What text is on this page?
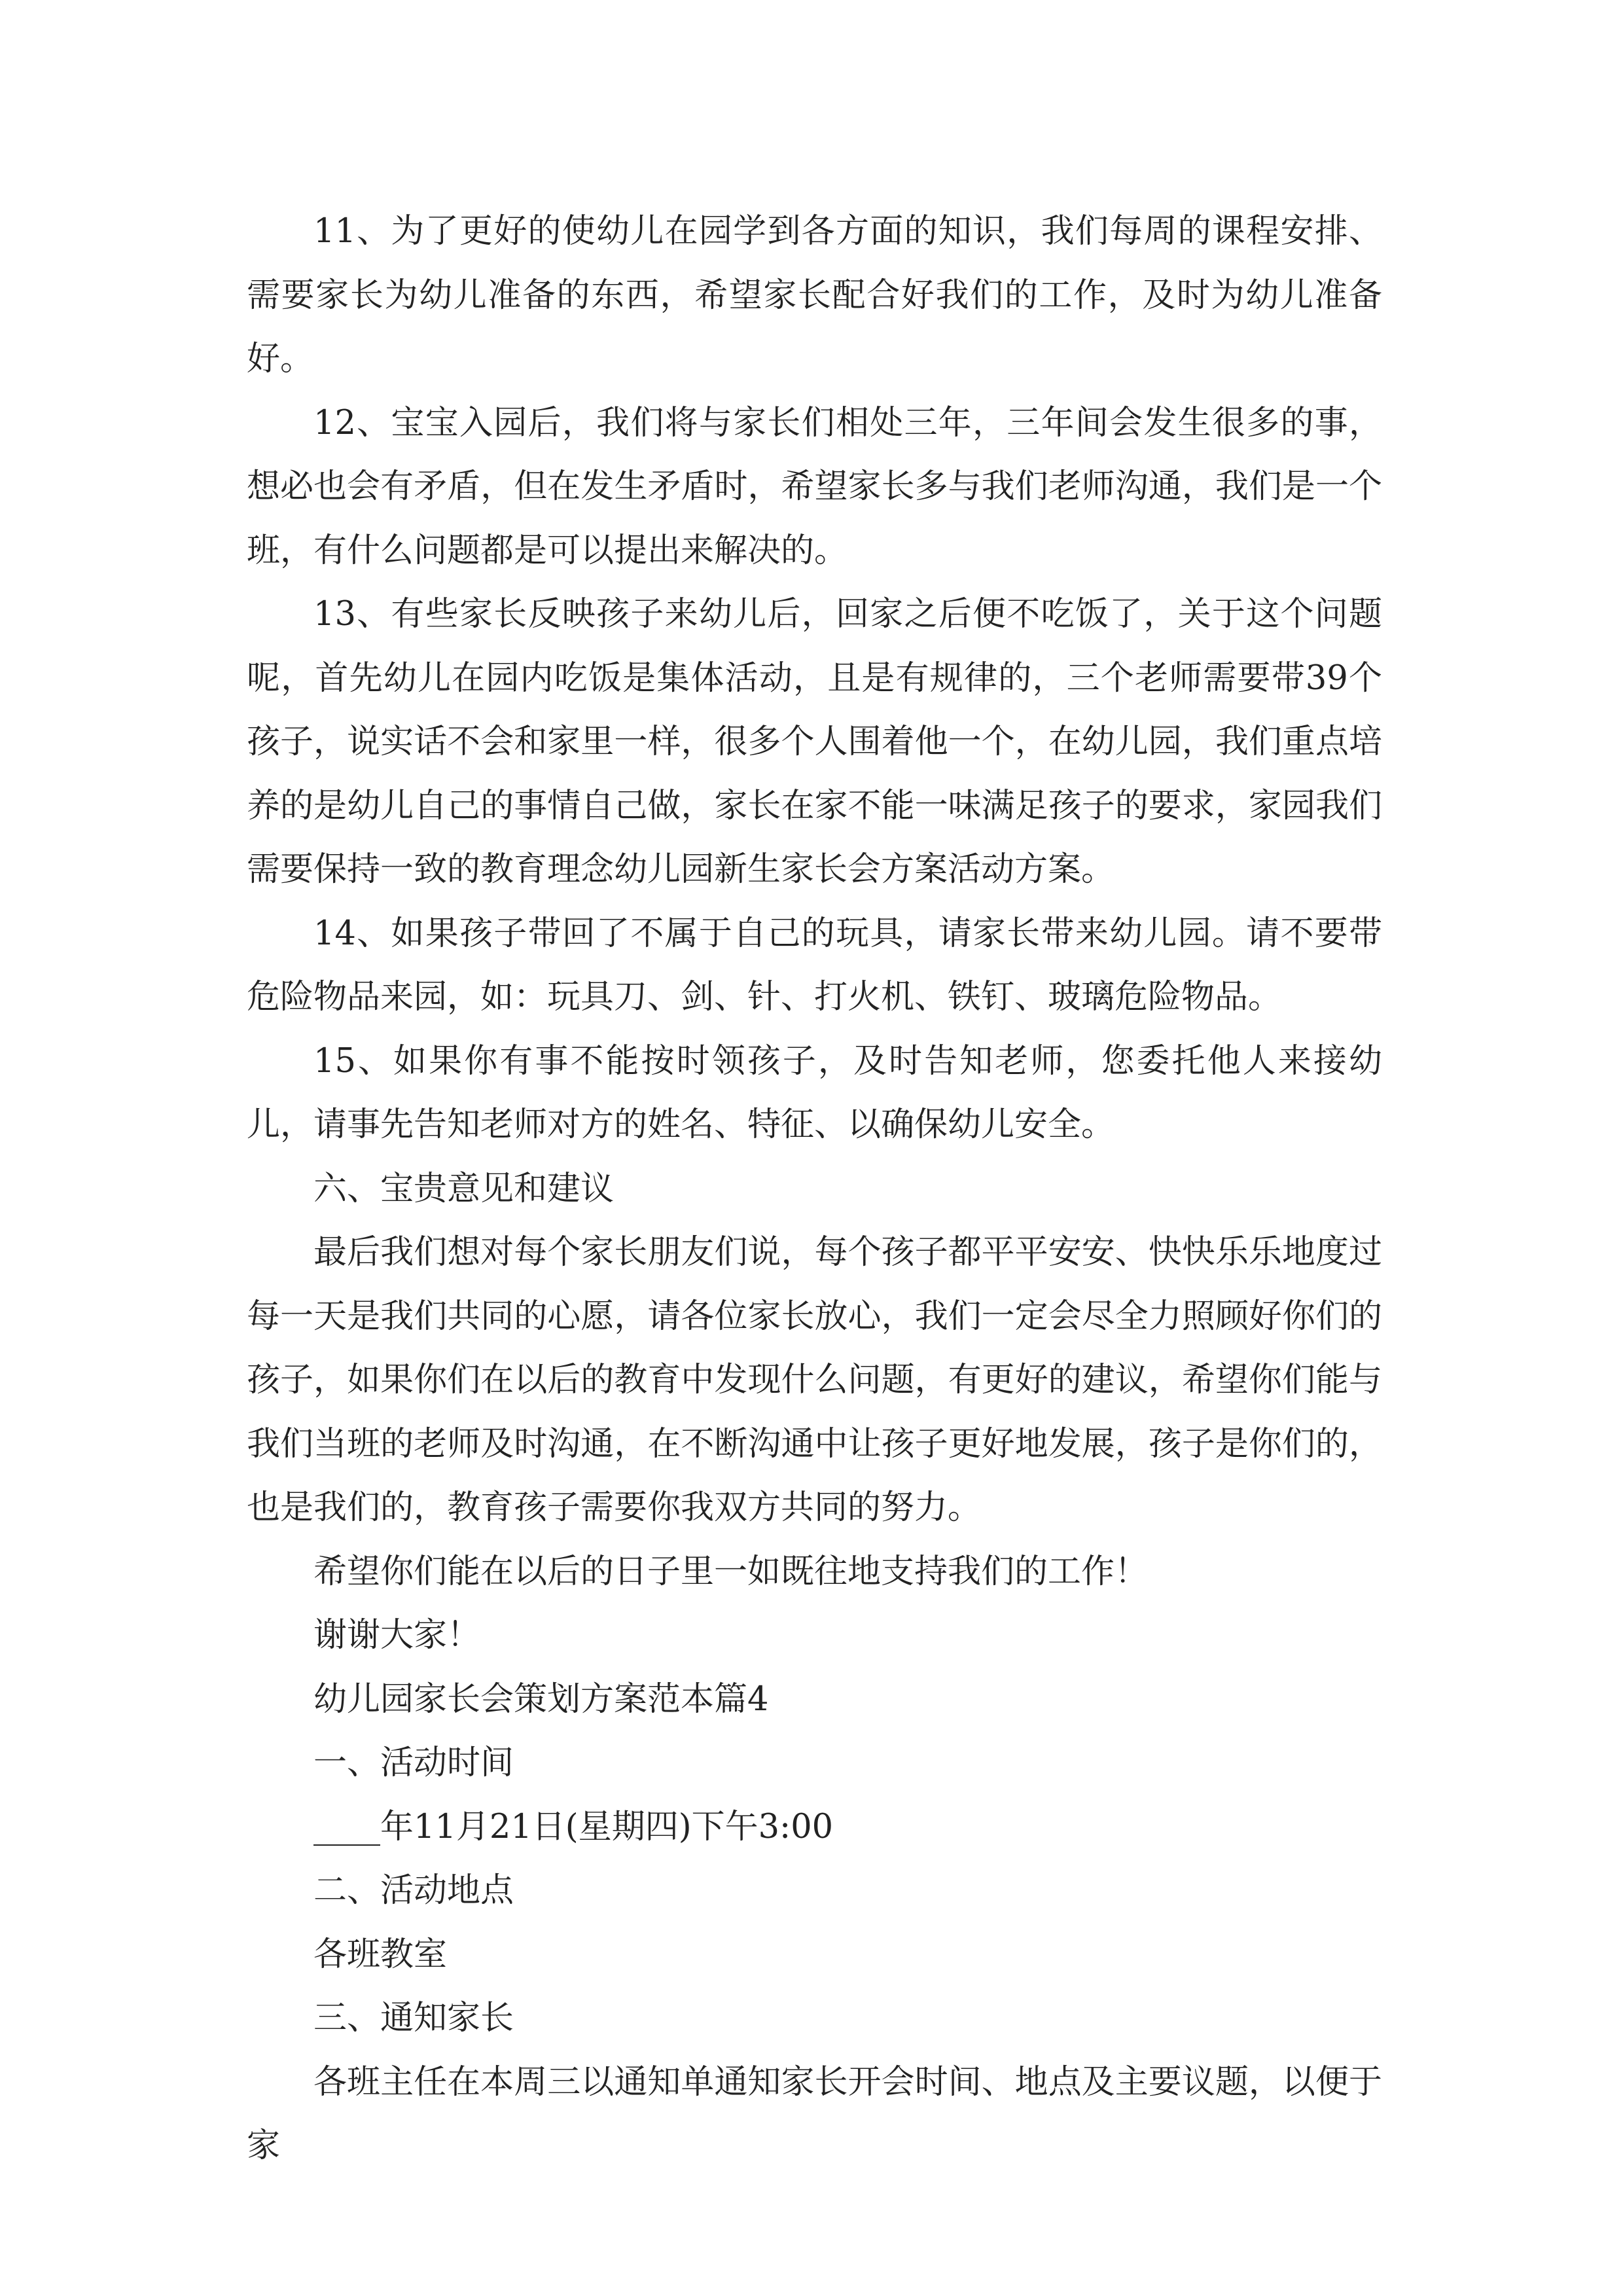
11、为了更好的使幼儿在园学到各方面的知识，我们每周的课程安排、需要家长为幼儿准备的东西，希望家长配合好我们的工作，及时为幼儿准备好。

12、宝宝入园后，我们将与家长们相处三年，三年间会发生很多的事，想必也会有矛盾，但在发生矛盾时，希望家长多与我们老师沟通，我们是一个班，有什么问题都是可以提出来解决的。

13、有些家长反映孩子来幼儿后，回家之后便不吃饭了，关于这个问题呢，首先幼儿在园内吃饭是集体活动，且是有规律的，三个老师需要带39个孩子，说实话不会和家里一样，很多个人围着他一个，在幼儿园，我们重点培养的是幼儿自己的事情自己做，家长在家不能一味满足孩子的要求，家园我们需要保持一致的教育理念幼儿园新生家长会方案活动方案。

14、如果孩子带回了不属于自己的玩具，请家长带来幼儿园。请不要带危险物品来园，如：玩具刀、剑、针、打火机、铁钉、玻璃危险物品。

15、如果你有事不能按时领孩子，及时告知老师，您委托他人来接幼儿，请事先告知老师对方的姓名、特征、以确保幼儿安全。

六、宝贵意见和建议

最后我们想对每个家长朋友们说，每个孩子都平平安安、快快乐乐地度过每一天是我们共同的心愿，请各位家长放心，我们一定会尽全力照顾好你们的孩子，如果你们在以后的教育中发现什么问题，有更好的建议，希望你们能与我们当班的老师及时沟通，在不断沟通中让孩子更好地发展，孩子是你们的，也是我们的，教育孩子需要你我双方共同的努力。

希望你们能在以后的日子里一如既往地支持我们的工作！

谢谢大家！

幼儿园家长会策划方案范本篇4

一、活动时间

____年11月21日(星期四)下午3:00

二、活动地点

各班教室

三、通知家长

各班主任在本周三以通知单通知家长开会时间、地点及主要议题，以便于家
